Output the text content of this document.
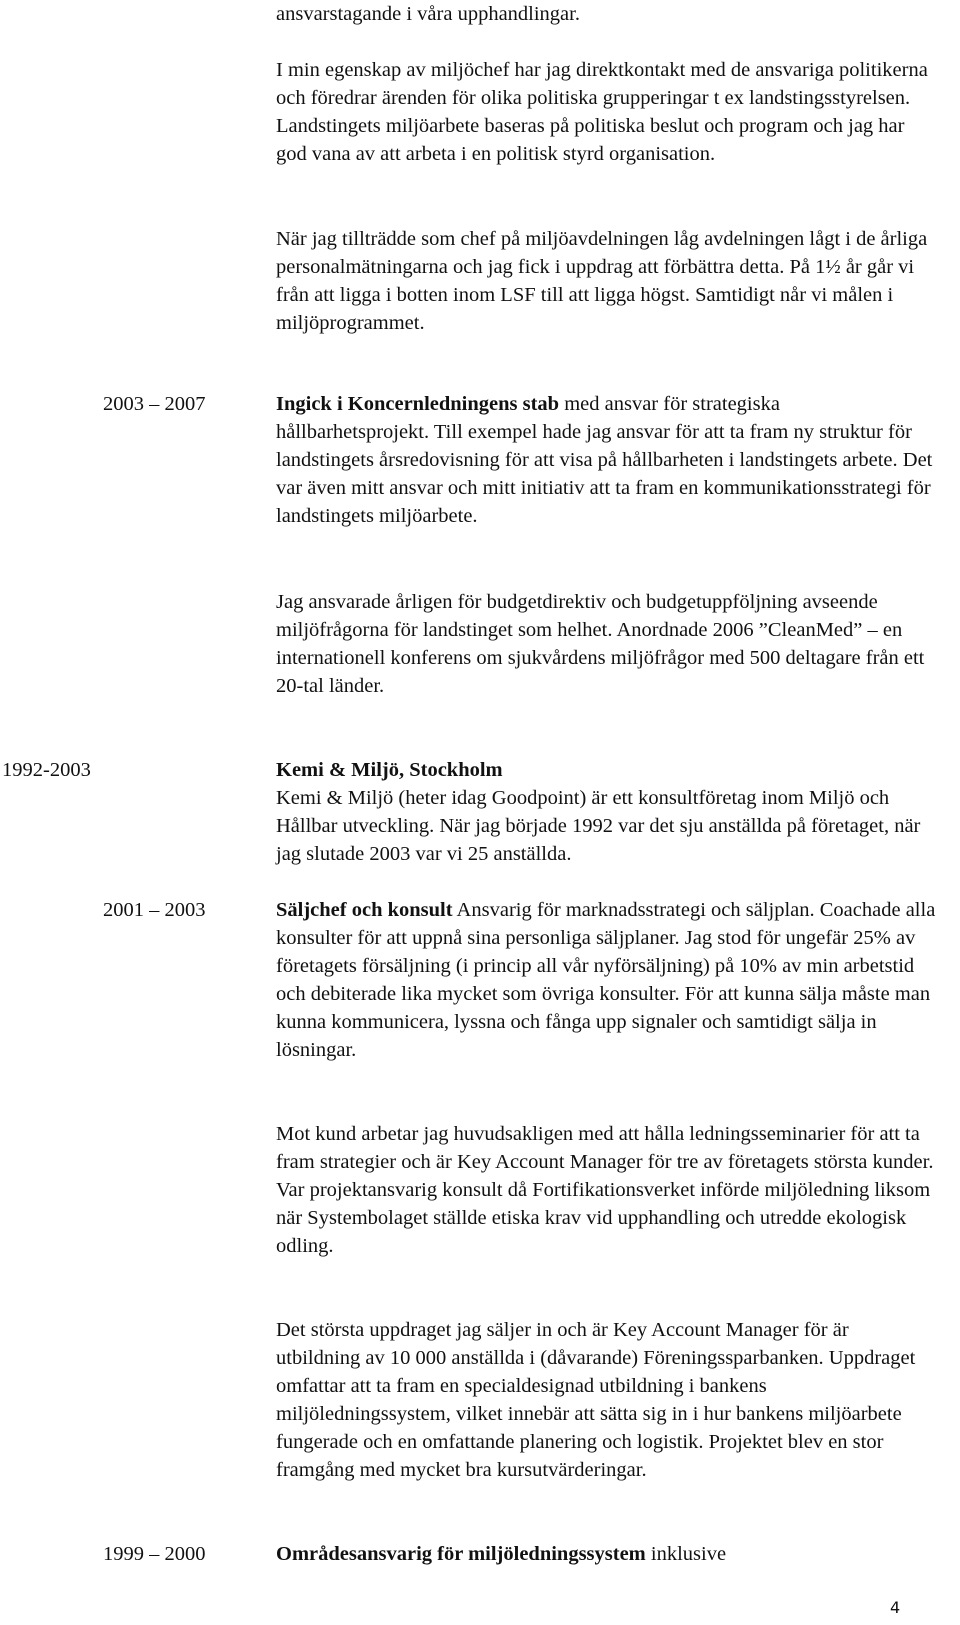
ansvarstagande i våra upphandlingar.

I min egenskap av miljöchef har jag direktkontakt med de ansvariga politikerna och föredrar ärenden för olika politiska grupperingar t ex landstingsstyrelsen. Landstingets miljöarbete baseras på politiska beslut och program och jag har god vana av att arbeta i en politisk styrd organisation.

När jag tillträdde som chef på miljöavdelningen låg avdelningen lågt i de årliga personalmätningarna och jag fick i uppdrag att förbättra detta. På 1½ år går vi från att ligga i botten inom LSF till att ligga högst. Samtidigt når vi målen i miljöprogrammet.

2003 – 2007	Ingick i Koncernledningens stab med ansvar för strategiska hållbarhetsprojekt. Till exempel hade jag ansvar för att ta fram ny struktur för landstingets årsredovisning för att visa på hållbarheten i landstingets arbete. Det var även mitt ansvar och mitt initiativ att ta fram en kommunikationsstrategi för landstingets miljöarbete.

Jag ansvarade årligen för budgetdirektiv och budgetuppföljning avseende miljöfrågorna för landstinget som helhet. Anordnade 2006 ”CleanMed” – en internationell konferens om sjukvårdens miljöfrågor med 500 deltagare från ett 20-tal länder.

1992-2003	Kemi & Miljö, Stockholm

Kemi & Miljö (heter idag Goodpoint) är ett konsultföretag inom Miljö och Hållbar utveckling. När jag började 1992 var det sju anställda på företaget, när jag slutade 2003 var vi 25 anställda.

2001 – 2003	Säljchef och konsult Ansvarig för marknadsstrategi och säljplan. Coachade alla konsulter för att uppnå sina personliga säljplaner. Jag stod för ungefär 25% av företagets försäljning (i princip all vår nyförsäljning) på 10% av min arbetstid och debiterade lika mycket som övriga konsulter. För att kunna sälja måste man kunna kommunicera, lyssna och fånga upp signaler och samtidigt sälja in lösningar.

Mot kund arbetar jag huvudsakligen med att hålla ledningsseminarier för att ta fram strategier och är Key Account Manager för tre av företagets största kunder. Var projektansvarig konsult då Fortifikationsverket införde miljöledning liksom när Systembolaget ställde etiska krav vid upphandling och utredde ekologisk odling.

Det största uppdraget jag säljer in och är Key Account Manager för är utbildning av 10 000 anställda i (dåvarande) Föreningssparbanken. Uppdraget omfattar att ta fram en specialdesignad utbildning i bankens miljöledningssystem, vilket innebär att sätta sig in i hur bankens miljöarbete fungerade och en omfattande planering och logistik. Projektet blev en stor framgång med mycket bra kursutvärderingar.

1999 – 2000	Områdesansvarig för miljöledningssystem inklusive

4
